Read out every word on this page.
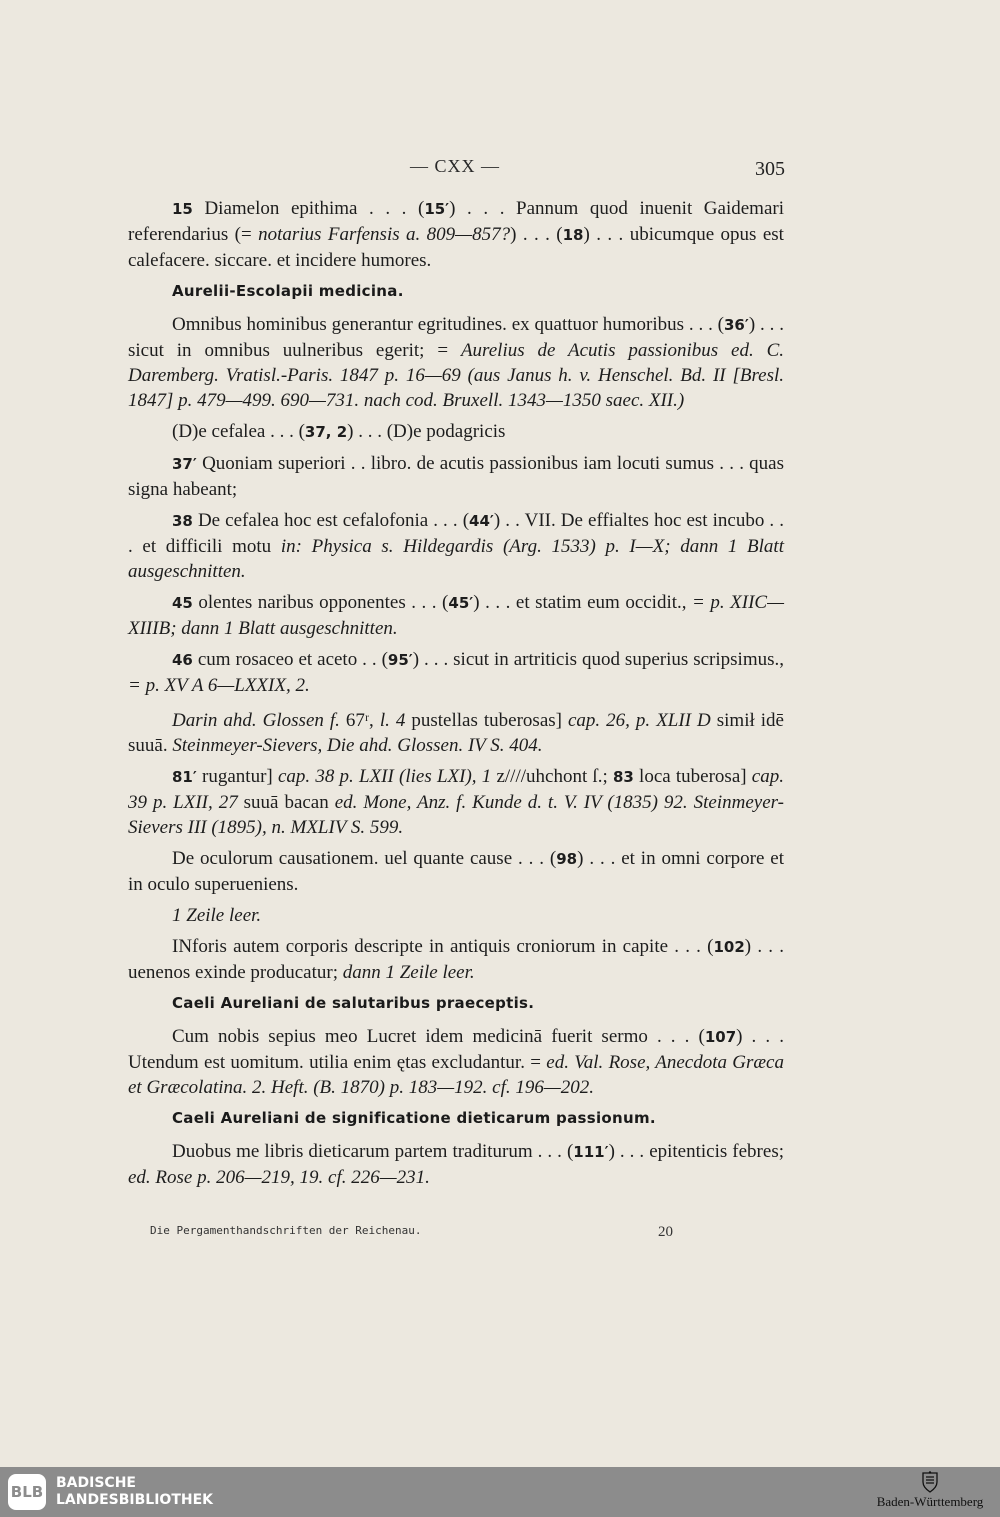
— CXX —	305

15 Diamelon epithima . . . (15′) . . . Pannum quod inuenit Gaidemari referendarius (= notarius Farfensis a. 809—857?) . . . (18) . . . ubicumque opus est calefacere. siccare. et incidere humores.

Aurelii-Escolapii medicina.

Omnibus hominibus generantur egritudines. ex quattuor humoribus . . . (36′) . . . sicut in omnibus uulneribus egerit; = Aurelius de Acutis passionibus ed. C. Daremberg. Vratisl.-Paris. 1847 p. 16—69 (aus Janus h. v. Henschel. Bd. II [Bresl. 1847] p. 479—499. 690—731. nach cod. Bruxell. 1343—1350 saec. XII.)

(D)e cefalea . . . (37, 2) . . . (D)e podagricis

37′ Quoniam superiori . . libro. de acutis passionibus iam locuti sumus . . . quas signa habeant;

38 De cefalea hoc est cefalofonia . . . (44′) . . VII. De effialtes hoc est incubo . . . et difficili motu in: Physica s. Hildegardis (Arg. 1533) p. I—X; dann 1 Blatt ausgeschnitten.

45 olentes naribus opponentes . . . (45′) . . . et statim eum occidit., = p. XIIC—XIIIB; dann 1 Blatt ausgeschnitten.

46 cum rosaceo et aceto . . (95′) . . . sicut in artriticis quod superius scripsimus., = p. XV A 6—LXXIX, 2.

Darin ahd. Glossen f. 67ʳ, l. 4 pustellas tuberosas] cap. 26, p. XLII D simił idē suuā. Steinmeyer-Sievers, Die ahd. Glossen. IV S. 404.

81′ rugantur] cap. 38 p. LXII (lies LXI), 1 z////uhchont ſ.; 83 loca tuberosa] cap. 39 p. LXII, 27 suuā bacan ed. Mone, Anz. f. Kunde d. t. V. IV (1835) 92. Steinmeyer-Sievers III (1895), n. MXLIV S. 599.

De oculorum causationem. uel quante cause . . . (98) . . . et in omni corpore et in oculo superueniens.

1 Zeile leer.

INforis autem corporis descripte in antiquis croniorum in capite . . . (102) . . . uenenos exinde producatur; dann 1 Zeile leer.

Caeli Aureliani de salutaribus praeceptis.

Cum nobis sepius meo Lucret idem medicinā fuerit sermo . . . (107) . . . Utendum est uomitum. utilia enim ętas excludantur. = ed. Val. Rose, Anecdota Græca et Græcolatina. 2. Heft. (B. 1870) p. 183—192. cf. 196—202.

Caeli Aureliani de significatione dieticarum passionum.

Duobus me libris dieticarum partem traditurum . . . (111′) . . . epitenticis febres; ed. Rose p. 206—219, 19. cf. 226—231.

Die Pergamenthandschriften der Reichenau.	20
BLB BADISCHE
LANDESBIBLIOTHEK	Baden-Württemberg
